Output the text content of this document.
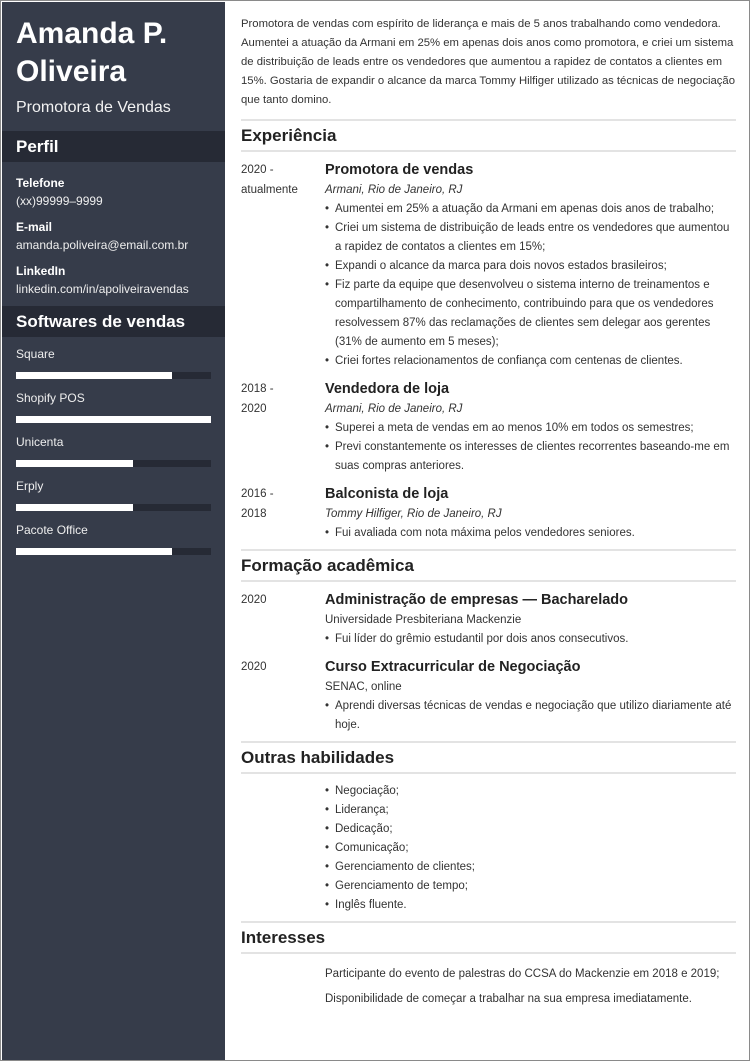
Amanda P.
Oliveira
Promotora de Vendas
Perfil
Telefone
(xx)99999–9999
E-mail
amanda.poliveira@email.com.br
LinkedIn
linkedin.com/in/apoliveiravendas
Softwares de vendas
Square
Shopify POS
Unicenta
Erply
Pacote Office

Promotora de vendas com espírito de liderança e mais de 5 anos trabalhando como vendedora. Aumentei a atuação da Armani em 25% em apenas dois anos como promotora, e criei um sistema de distribuição de leads entre os vendedores que aumentou a rapidez de contatos a clientes em 15%. Gostaria de expandir o alcance da marca Tommy Hilfiger utilizado as técnicas de negociação que tanto domino.

Experiência
2020 -
atualmente
Promotora de vendas
Armani, Rio de Janeiro, RJ
• Aumentei em 25% a atuação da Armani em apenas dois anos de trabalho;
• Criei um sistema de distribuição de leads entre os vendedores que aumentou a rapidez de contatos a clientes em 15%;
• Expandi o alcance da marca para dois novos estados brasileiros;
• Fiz parte da equipe que desenvolveu o sistema interno de treinamentos e compartilhamento de conhecimento, contribuindo para que os vendedores resolvessem 87% das reclamações de clientes sem delegar aos gerentes (31% de aumento em 5 meses);
• Criei fortes relacionamentos de confiança com centenas de clientes.
2018 -
2020
Vendedora de loja
Armani, Rio de Janeiro, RJ
• Superei a meta de vendas em ao menos 10% em todos os semestres;
• Previ constantemente os interesses de clientes recorrentes baseando-me em suas compras anteriores.
2016 -
2018
Balconista de loja
Tommy Hilfiger, Rio de Janeiro, RJ
• Fui avaliada com nota máxima pelos vendedores seniores.
Formação acadêmica
2020	Administração de empresas — Bacharelado
Universidade Presbiteriana Mackenzie
• Fui líder do grêmio estudantil por dois anos consecutivos.
2020	Curso Extracurricular de Negociação
SENAC, online
• Aprendi diversas técnicas de vendas e negociação que utilizo diariamente até hoje.
Outras habilidades
• Negociação;
• Liderança;
• Dedicação;
• Comunicação;
• Gerenciamento de clientes;
• Gerenciamento de tempo;
• Inglês fluente.
Interesses

Participante do evento de palestras do CCSA do Mackenzie em 2018 e 2019;

Disponibilidade de começar a trabalhar na sua empresa imediatamente.
